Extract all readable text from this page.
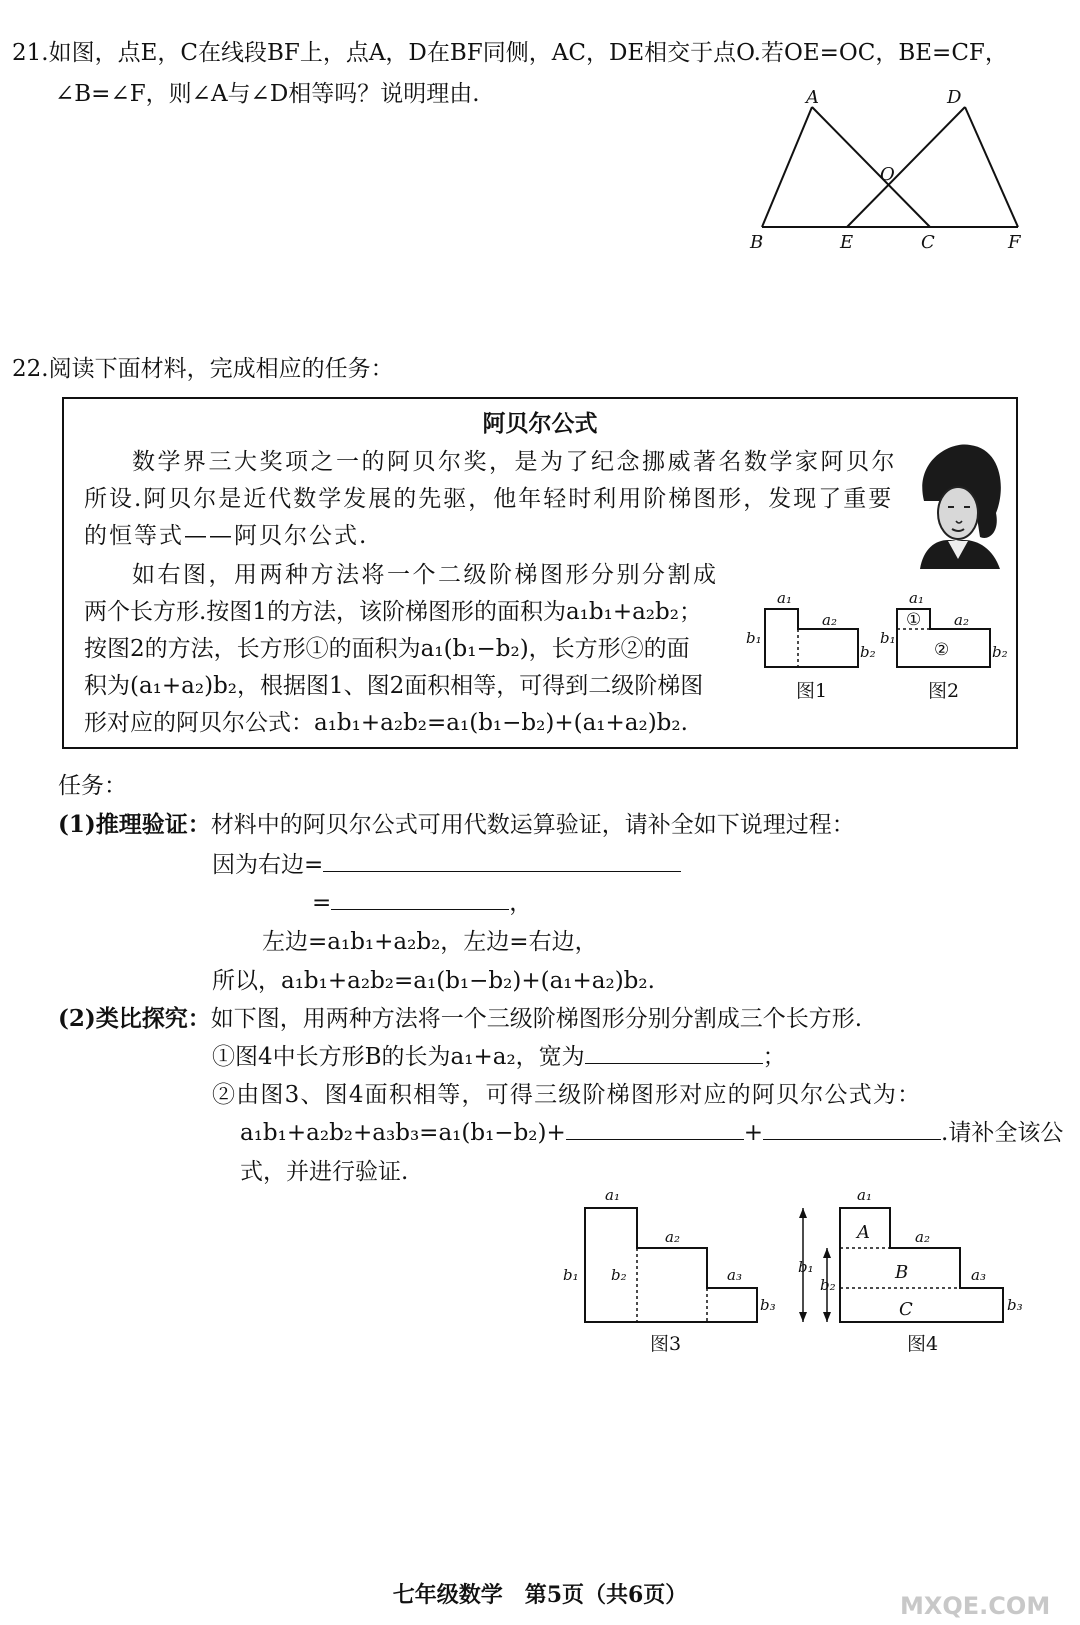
21.如图，点E，C在线段BF上，点A，D在BF同侧，AC，DE相交于点O.若OE=OC，BE=CF，
∠B=∠F，则∠A与∠D相等吗？说明理由.	A	D
O
B	E	C	F
22.阅读下面材料，完成相应的任务：
阿贝尔公式
数学界三大奖项之一的阿贝尔奖，是为了纪念挪威著名数学家阿贝尔
所设.阿贝尔是近代数学发展的先驱，他年轻时利用阶梯图形，发现了重要
的恒等式——阿贝尔公式.
如右图，用两种方法将一个二级阶梯图形分别分割成
两个长方形.按图1的方法，该阶梯图形的面积为a₁b₁+a₂b₂；
按图2的方法，长方形①的面积为a₁(b₁−b₂)，长方形②的面
积为(a₁+a₂)b₂，根据图1、图2面积相等，可得到二级阶梯图
形对应的阿贝尔公式：a₁b₁+a₂b₂=a₁(b₁−b₂)+(a₁+a₂)b₂.
a₁
a₂
b₁
b₂
图1
a₁
a₂
b₁
b₂
①
②
图2
任务：
(1)推理验证：材料中的阿贝尔公式可用代数运算验证，请补全如下说理过程：
因为右边=
=	，
左边=a₁b₁+a₂b₂，左边=右边，
所以，a₁b₁+a₂b₂=a₁(b₁−b₂)+(a₁+a₂)b₂.
(2)类比探究：如下图，用两种方法将一个三级阶梯图形分别分割成三个长方形.
①图4中长方形B的长为a₁+a₂，宽为	；
②由图3、图4面积相等，可得三级阶梯图形对应的阿贝尔公式为：
a₁b₁+a₂b₂+a₃b₃=a₁(b₁−b₂)+	+	.请补全该公
式，并进行验证.
a₁
a₂
a₃
b₁ b₂
b₃
图3
a₁
a₂
a₃
b₁
b₂
b₃
A
B
C
图4
七年级数学　第5页（共6页）	MXQE.COM
